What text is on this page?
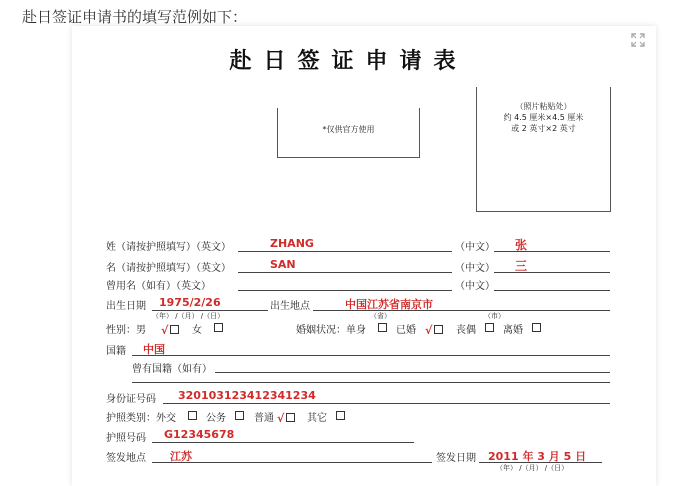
赴日签证申请书的填写范例如下：
赴日签证申请表
*仅供官方使用
（照片粘贴处）
约 4.5 厘米×4.5 厘米
或 2 英寸×2 英寸
姓（请按护照填写）（英文）	ZHANG	（中文） 张
名（请按护照填写）（英文）	SAN	（中文） 三
曾用名（如有）（英文）	（中文）
出生日期 1975/2/26	出生地点	中国江苏省南京市
（年） /（月） /（日）	（省）	（市）
性别：男 √	女	婚姻状况：单身	已婚 √	丧偶	离婚
国籍 中国
曾有国籍（如有）
身份证号码 320103123412341234
护照类别：外交	公务	普通 √	其它
护照号码 G12345678
签发地点 江苏	签发日期 2011 年 3 月 5 日
（年） /（月） /（日）
